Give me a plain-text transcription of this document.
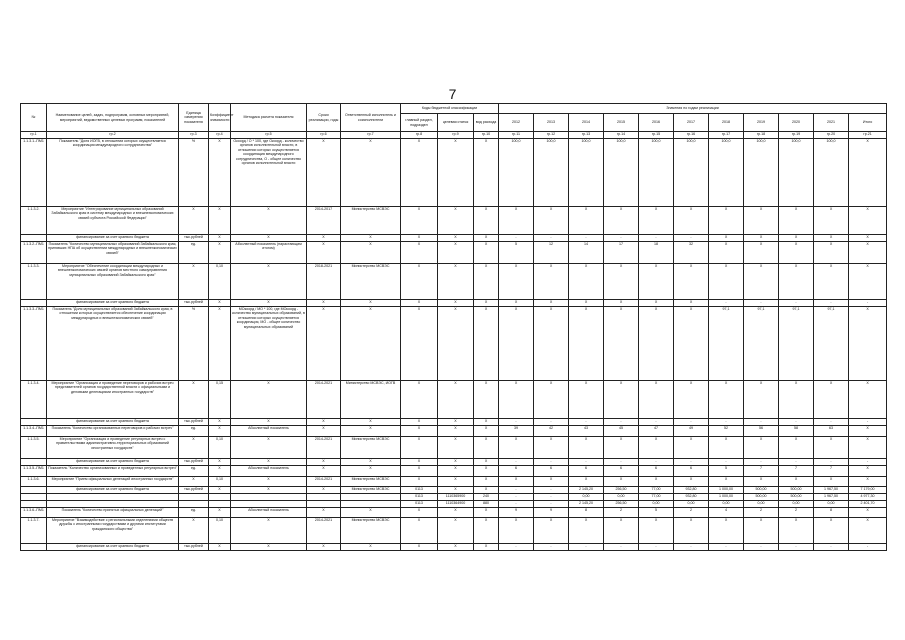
7
№	Наименование целей, задач, подпрограмм, основных мероприятий, мероприятий, ведомственных целевых программ, показателей	Единица измерения показателя	Коэффициент значимости	Методика расчета показателя	Сроки реализации, годы	Ответственный исполнитель и соисполнители	Коды бюджетной классификации			Значения по годам реализации										
							главный раздел, подраздел	целевая статья	вид расхода	2012	2013	2014	2015	2016	2017	2018	2019	2020	2021	Итого
гр.1	гр.2	гр.3	гр.4	гр.5	гр.6	гр.7	гр.8	гр.9	гр.10	гр.11	гр.12	гр.13	гр.14	гр.15	гр.16	гр.17	гр.18	гр.19	гр.20	гр.21
1.1.3.1.-ПМ1	Показатель "Доля ИОГВ, в отношении которых осуществляется координация международного сотрудничества"	%	X	Окоорд / О * 100, где Окоорд - количество органов исполнительной власти, в отношении которых осуществляется координация международного сотрудничества, О - общее количество органов исполнительной власти	X	X	X	X	X	100,0	100,0	100,0	100,0	100,0	100,0	100,0	100,0	100,0	100,0	X
1.1.3.2.	Мероприятие "Интегрирование муниципальных образований Забайкальского края в систему международных и внешнеэкономических связей субъекта Российской Федерации"	X	X	X	2014-2017	Министерство МСВЭС	X	X	X	X	X	X	X	X	X	X	X	X	X	X
	финансирование за счет краевого бюджета	тыс.рублей	X	X	X	X	X	X	X	-	-	-	-	-	-	X	X	X	X	X
1.1.3.2.-ПМ1	Показатель "Количество муниципальных образований Забайкальского края, принявших НПА об осуществлении международных и внешнеэкономических связей"	ед.	X	Абсолютный показатель (нарастающим итогом)	X	X	X	X	X	5	12	14	17	18	32	X	X	X	X	X
1.1.3.3.	Мероприятие "Обеспечение координации международных и внешнеэкономических связей органов местного самоуправления муниципальных образований Забайкальского края"	X	0,10	X	2018-2021	Министерство МСВЭС	X	X	X	X	X	X	X	X	X	X	X	X	X	X
	финансирование за счет краевого бюджета	тыс.рублей	X	X	X	X	X	X	X	X	X	X	X	X	X	-	-	-	-	-
1.1.3.3.-ПМ1	Показатель "Доля муниципальных образований Забайкальского края, в отношении которых осуществляется обеспечение координации международных и внешнеэкономических связей"	%	X	МОкоорд / МО * 100, где МОкоорд - количество муниципальных образований, в отношении которых осуществляется координация, МО - общее количество муниципальных образований	X	X	X	X	X	X	X	X	X	X	X	97,1	97,1	97,1	97,1	X
1.1.3.4.	Мероприятие "Организация и проведение переговоров и рабочих встреч представителей органов государственной власти с официальными и деловыми делегациями иностранных государств"	X	0,15	X	2014-2021	Министерство МСВЭС, ИОГВ	X	X	X	X	X	X	X	X	X	X	X	X	X	X
	финансирование за счет краевого бюджета	тыс.рублей	X	X	X	X	X	X	X	-	-	-	-	-	-	-	-	-	-	-
1.1.3.4.-ПМ1	Показатель "Количество организованных переговоров и рабочих встреч"	ед.	X	Абсолютный показатель	X	X	X	X	X	39	42	43	45	47	49	52	56	58	63	X
1.1.3.5.	Мероприятие "Организация и проведение регулярных встреч с правительствами административно-территориальных образований иностранных государств"	X	0,10	X	2014-2021	Министерство МСВЭС	X	X	X	X	X	X	X	X	X	X	X	X	X	X
	финансирование за счет краевого бюджета	тыс.рублей	X	X	X	X	X	X	X	-	-	-	-	-	-	-	-	-	-	-
1.1.3.5.-ПМ1	Показатель "Количество организованных и проведенных регулярных встреч"	ед.	X	Абсолютный показатель	X	X	X	X	X	6	6	6	6	6	6	5	7	7	7	X
1.1.3.6.	Мероприятие "Прием официальных делегаций иностранных государств"	X	0,10	X	2014-2021	Министерство МСВЭС	X	X	X	X	X	X	X	X	X	X	X	X	X	X
	финансирование за счет краевого бюджета	тыс.рублей	X	X	X	Министерство МСВЭС	0113	X	X	-	-	2 145,20	256,50	77,00	932,80	1 000,00	500,00	500,00	1 967,50	7 179,00
							0113	1110365900	240	-	-	0,00	0,00	77,00	932,80	1 000,00	500,00	500,00	1 967,50	4 977,30
							0113	1110364900	880	-	-	2 145,20	256,50	0,00	0,00	0,00	0,00	0,00	0,00	2 401,70
1.1.3.6.-ПМ1	Показатель "Количество принятых официальных делегаций"	ед.	X	Абсолютный показатель	X	X	X	X	X	9	9	8	2	5	2	4	2	2	8	X
1.1.3.7.	Мероприятие "Взаимодействие с региональными отделениями обществ дружбы с иностранными государствами и другими институтами гражданского общества"	X	0,10	X	2014-2021	Министерство МСВЭС	X	X	X	X	X	X	X	X	X	X	X	X	X	X
	финансирование за счет краевого бюджета	тыс.рублей	X	X	X	X	X	X	X	-	-	-	-	-	-	-	-	-	-	-
